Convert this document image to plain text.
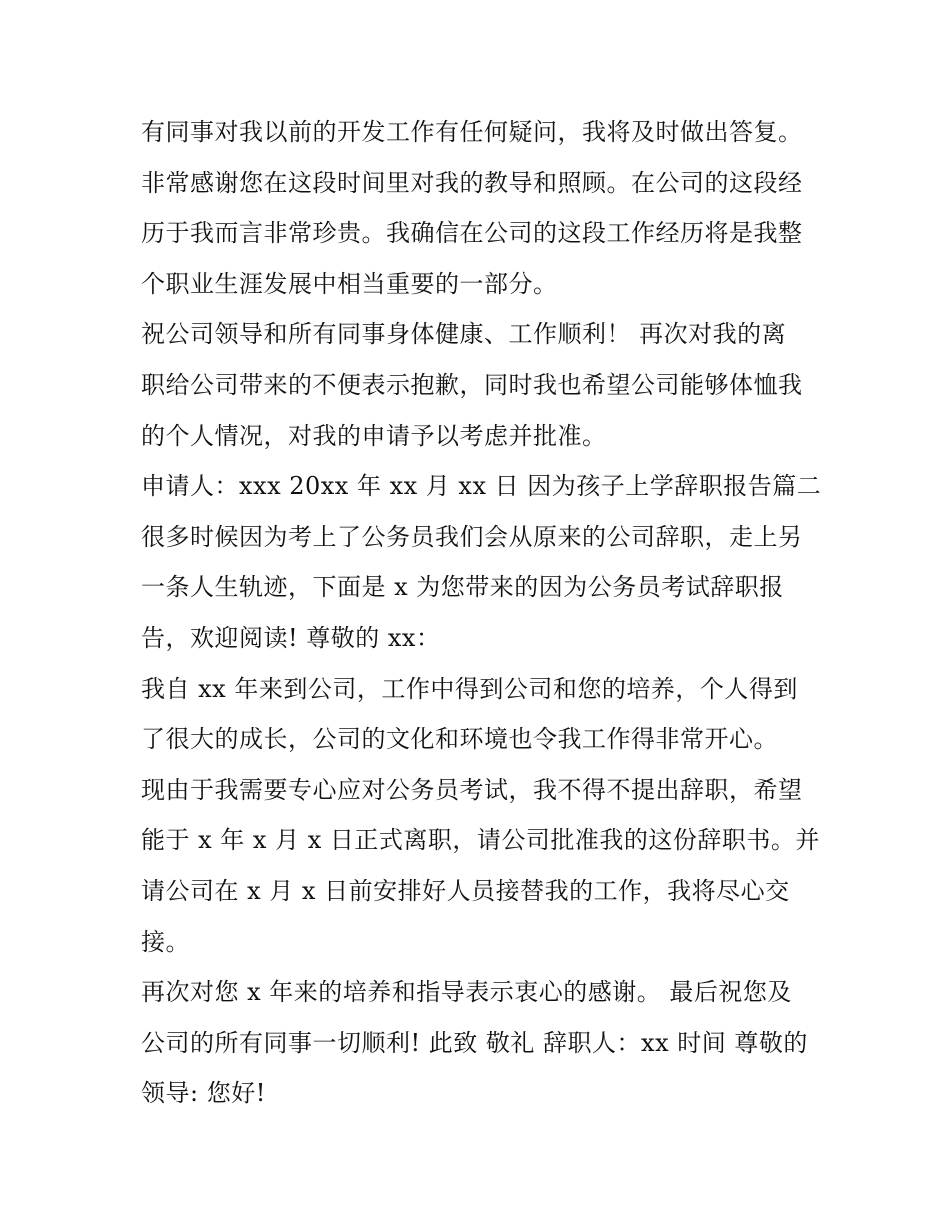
有同事对我以前的开发工作有任何疑问，我将及时做出答复。
非常感谢您在这段时间里对我的教导和照顾。在公司的这段经
历于我而言非常珍贵。我确信在公司的这段工作经历将是我整
个职业生涯发展中相当重要的一部分。
祝公司领导和所有同事身体健康、工作顺利！ 再次对我的离
职给公司带来的不便表示抱歉，同时我也希望公司能够体恤我
的个人情况，对我的申请予以考虑并批准。
申请人：xxx 20xx 年 xx 月 xx 日 因为孩子上学辞职报告篇二
很多时候因为考上了公务员我们会从原来的公司辞职，走上另
一条人生轨迹，下面是 x 为您带来的因为公务员考试辞职报
告，欢迎阅读! 尊敬的 xx：
我自 xx 年来到公司，工作中得到公司和您的培养，个人得到
了很大的成长，公司的文化和环境也令我工作得非常开心。
现由于我需要专心应对公务员考试，我不得不提出辞职，希望
能于 x 年 x 月 x 日正式离职，请公司批准我的这份辞职书。并
请公司在 x 月 x 日前安排好人员接替我的工作，我将尽心交
接。
再次对您 x 年来的培养和指导表示衷心的感谢。 最后祝您及
公司的所有同事一切顺利! 此致 敬礼 辞职人：xx 时间 尊敬的
领导: 您好!
